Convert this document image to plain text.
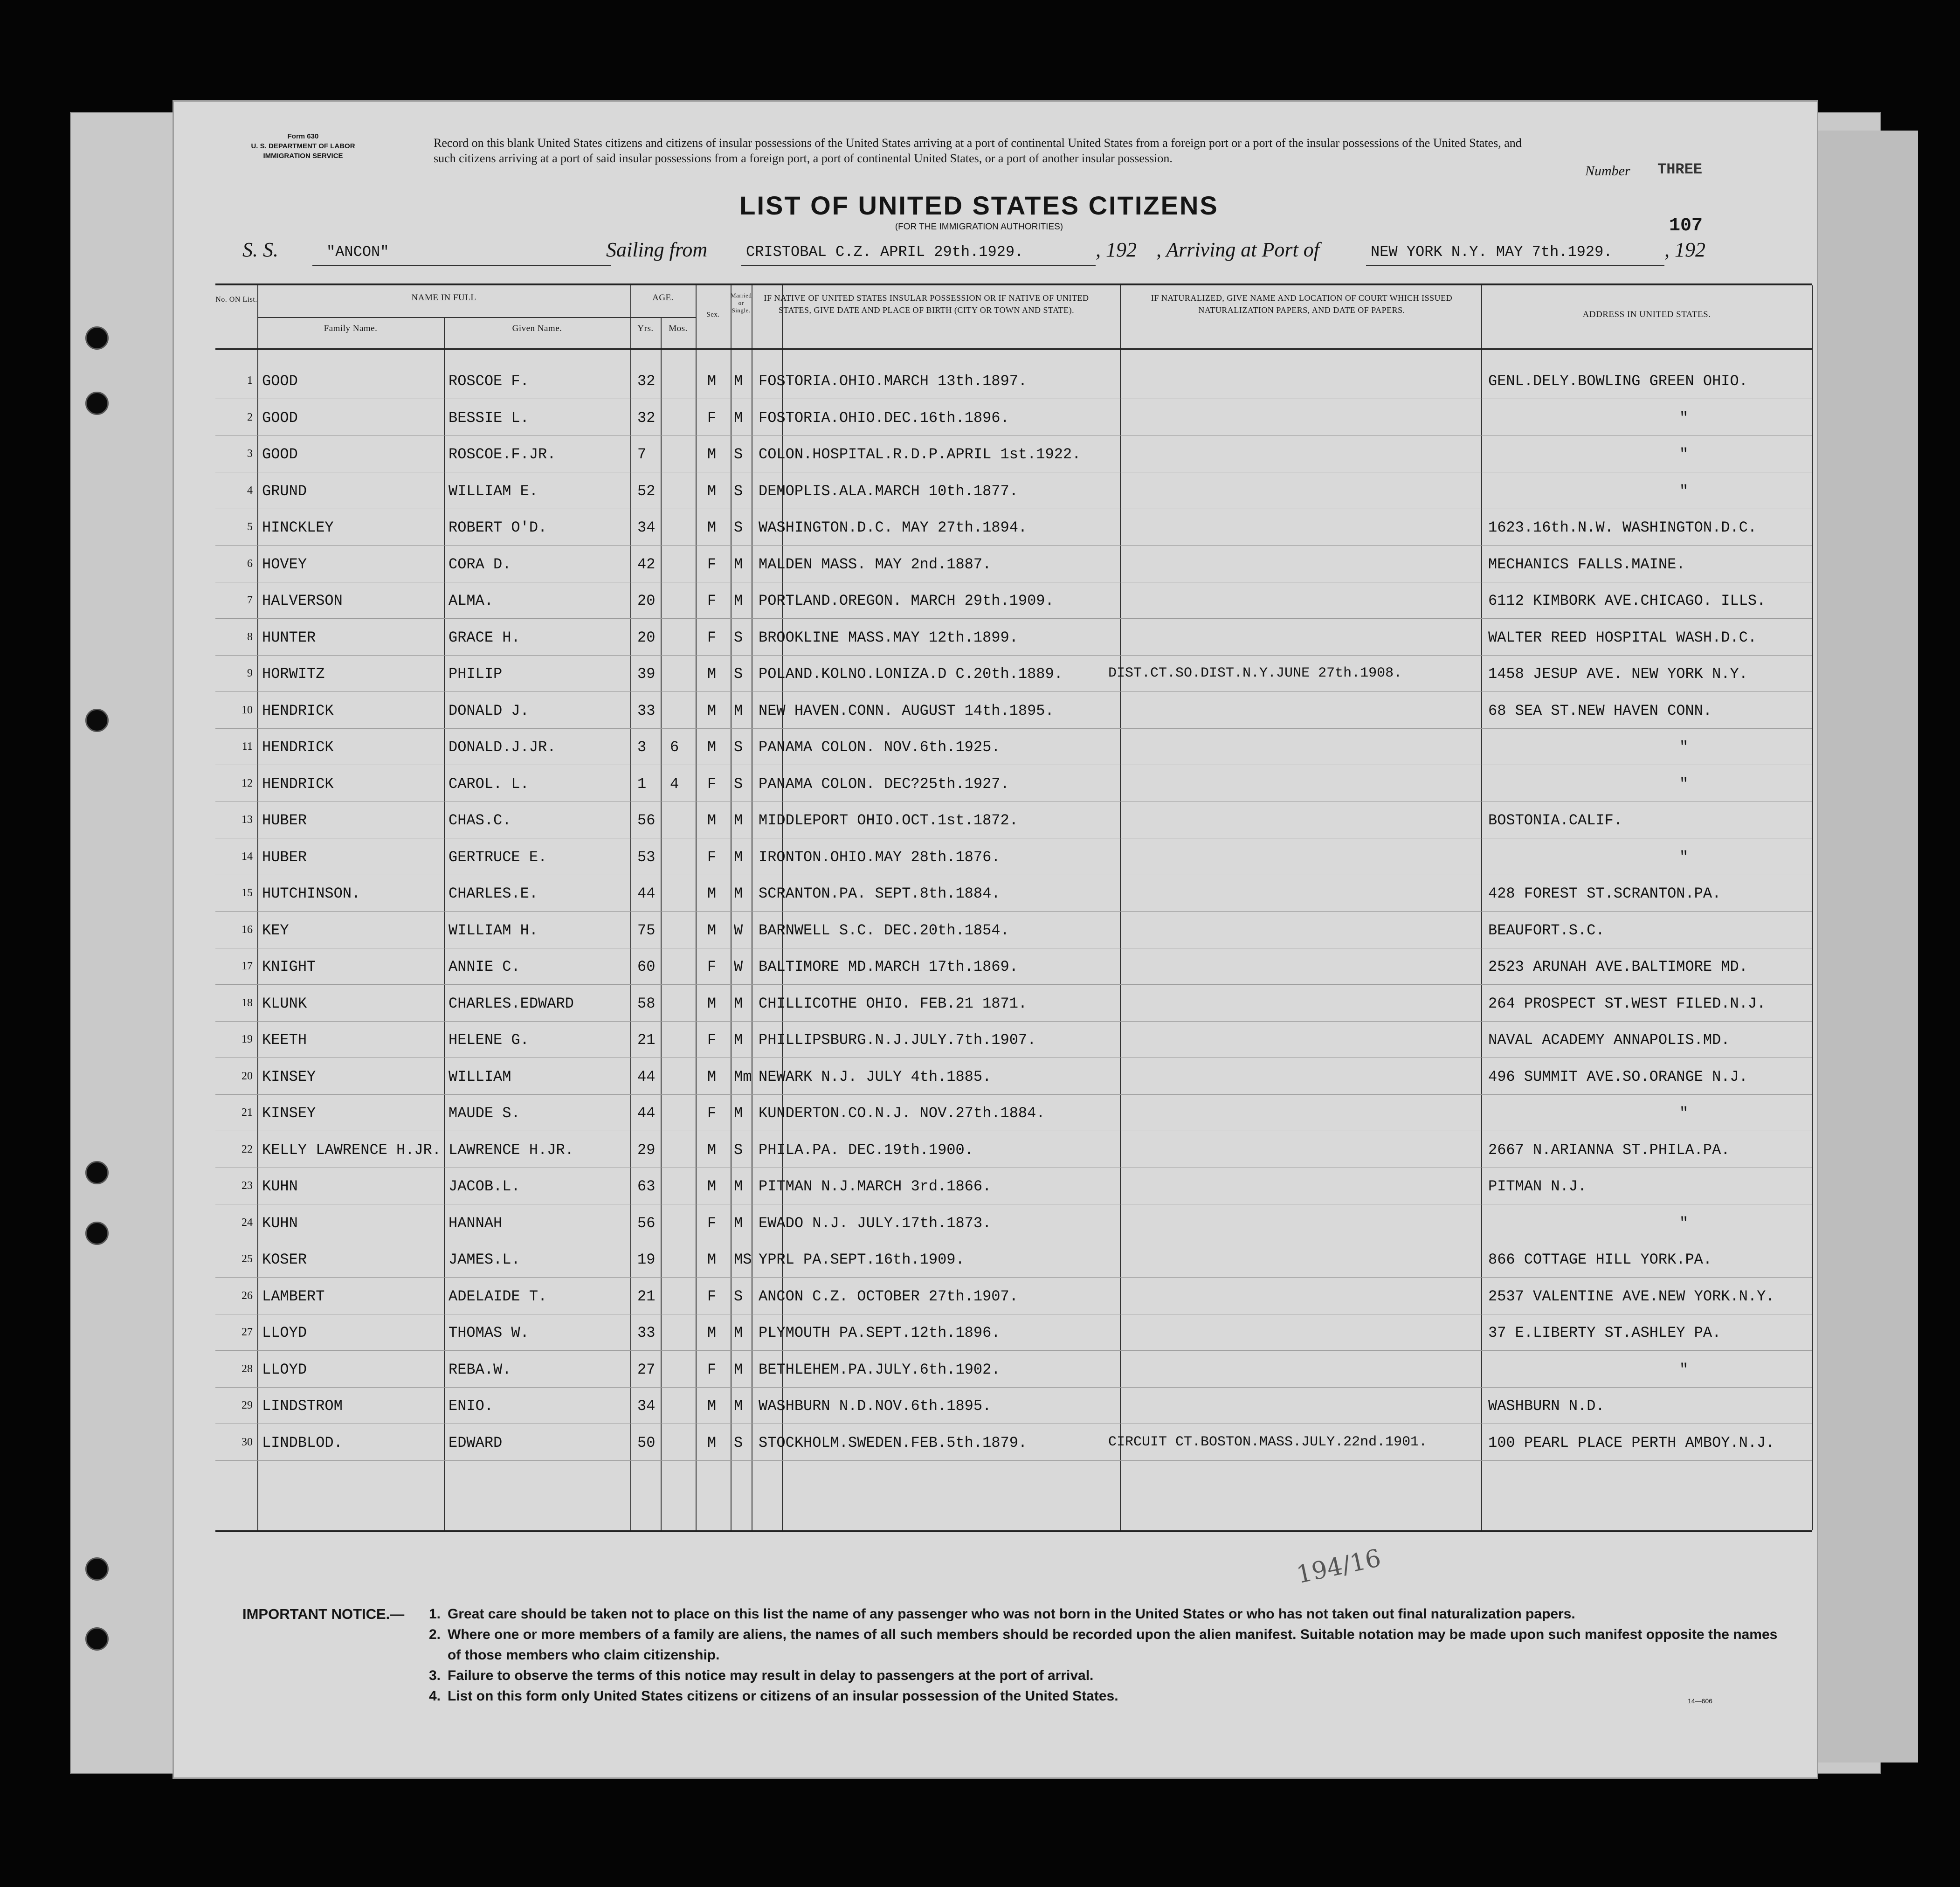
Form 630
U. S. DEPARTMENT OF LABOR
IMMIGRATION SERVICE
Record on this blank United States citizens and citizens of insular possessions of the United States arriving at a port of continental United States from a foreign port or a port of the insular possessions of the United States, and such citizens arriving at a port of said insular possessions from a foreign port, a port of continental United States, or a port of another insular possession.
Number THREE
LIST OF UNITED STATES CITIZENS
(FOR THE IMMIGRATION AUTHORITIES)	107
S. S.	"ANCON"	Sailing from	CRISTOBAL C.Z. APRIL 29th.1929.	, 192 , Arriving at Port of	NEW YORK N.Y. MAY 7th.1929.	, 192
No. ON List.	NAME IN FULL
Family Name.	Given Name.
AGE.
Yrs.	Mos.
Sex.
Married or Single.
IF NATIVE OF UNITED STATES INSULAR POSSESSION OR IF NATIVE OF UNITED STATES, GIVE DATE AND PLACE OF BIRTH (CITY OR TOWN AND STATE).
IF NATURALIZED, GIVE NAME AND LOCATION OF COURT WHICH ISSUED NATURALIZATION PAPERS, AND DATE OF PAPERS.	ADDRESS IN UNITED STATES.
1 GOOD	ROSCOE F.	32	M M FOSTORIA.OHIO.MARCH 13th.1897.	GENL.DELY.BOWLING GREEN OHIO.
2 GOOD	BESSIE L.	32	F M FOSTORIA.OHIO.DEC.16th.1896.	"
3 GOOD	ROSCOE.F.JR.	7	M S COLON.HOSPITAL.R.D.P.APRIL 1st.1922.	"
4 GRUND	WILLIAM E.	52	M S DEMOPLIS.ALA.MARCH 10th.1877.	"
5 HINCKLEY	ROBERT O'D.	34	M S WASHINGTON.D.C. MAY 27th.1894.	1623.16th.N.W. WASHINGTON.D.C.
6 HOVEY	CORA D.	42	F M MALDEN MASS. MAY 2nd.1887.	MECHANICS FALLS.MAINE.
7 HALVERSON	ALMA.	20	F M PORTLAND.OREGON. MARCH 29th.1909.	6112 KIMBORK AVE.CHICAGO. ILLS.
8 HUNTER	GRACE H.	20	F S BROOKLINE MASS.MAY 12th.1899.	WALTER REED HOSPITAL WASH.D.C.
9 HORWITZ	PHILIP	39	M S POLAND.KOLNO.LONIZA.D C.20th.1889.	DIST.CT.SO.DIST.N.Y.JUNE 27th.1908.	1458 JESUP AVE. NEW YORK N.Y.
10 HENDRICK	DONALD J.	33	M M NEW HAVEN.CONN. AUGUST 14th.1895.	68 SEA ST.NEW HAVEN CONN.
11 HENDRICK	DONALD.J.JR.	3 6 M S PANAMA COLON. NOV.6th.1925.	"
12 HENDRICK	CAROL. L.	1 4 F S PANAMA COLON. DEC?25th.1927.	"
13 HUBER	CHAS.C.	56	M M MIDDLEPORT OHIO.OCT.1st.1872.	BOSTONIA.CALIF.
14 HUBER	GERTRUCE E.	53	F M IRONTON.OHIO.MAY 28th.1876.	"
15 HUTCHINSON.	CHARLES.E.	44	M M SCRANTON.PA. SEPT.8th.1884.	428 FOREST ST.SCRANTON.PA.
16 KEY	WILLIAM H.	75	M W BARNWELL S.C. DEC.20th.1854.	BEAUFORT.S.C.
17 KNIGHT	ANNIE C.	60	F W BALTIMORE MD.MARCH 17th.1869.	2523 ARUNAH AVE.BALTIMORE MD.
18 KLUNK	CHARLES.EDWARD	58	M M CHILLICOTHE OHIO. FEB.21 1871.	264 PROSPECT ST.WEST FILED.N.J.
19 KEETH	HELENE G.	21	F M PHILLIPSBURG.N.J.JULY.7th.1907.	NAVAL ACADEMY ANNAPOLIS.MD.
20 KINSEY	WILLIAM	44	M Mm NEWARK N.J. JULY 4th.1885.	496 SUMMIT AVE.SO.ORANGE N.J.
21 KINSEY	MAUDE S.	44	F M KUNDERTON.CO.N.J. NOV.27th.1884.	"
22 KELLY LAWRENCE H.JR. LAWRENCE H.JR.	29	M S PHILA.PA. DEC.19th.1900.	2667 N.ARIANNA ST.PHILA.PA.
23 KUHN	JACOB.L.	63	M M PITMAN N.J.MARCH 3rd.1866.	PITMAN N.J.
24 KUHN	HANNAH	56	F M EWADO N.J. JULY.17th.1873.	"
25 KOSER	JAMES.L.	19	M MS YPRL PA.SEPT.16th.1909.	866 COTTAGE HILL YORK.PA.
26 LAMBERT	ADELAIDE T.	21	F S ANCON C.Z. OCTOBER 27th.1907.	2537 VALENTINE AVE.NEW YORK.N.Y.
27 LLOYD	THOMAS W.	33	M M PLYMOUTH PA.SEPT.12th.1896.	37 E.LIBERTY ST.ASHLEY PA.
28 LLOYD	REBA.W.	27	F M BETHLEHEM.PA.JULY.6th.1902.	"
29 LINDSTROM	ENIO.	34	M M WASHBURN N.D.NOV.6th.1895.	WASHBURN N.D.
30 LINDBLOD.	EDWARD	50	M S STOCKHOLM.SWEDEN.FEB.5th.1879.	CIRCUIT CT.BOSTON.MASS.JULY.22nd.1901.	100 PEARL PLACE PERTH AMBOY.N.J.
194/16
IMPORTANT NOTICE.— 1. Great care should be taken not to place on this list the name of any passenger who was not born in the United States or who has not taken out final naturalization papers.
2. Where one or more members of a family are aliens, the names of all such members should be recorded upon the alien manifest. Suitable notation may be made upon such manifest opposite the names of those members who claim citizenship.
3. Failure to observe the terms of this notice may result in delay to passengers at the port of arrival.
4. List on this form only United States citizens or citizens of an insular possession of the United States.	14—606
